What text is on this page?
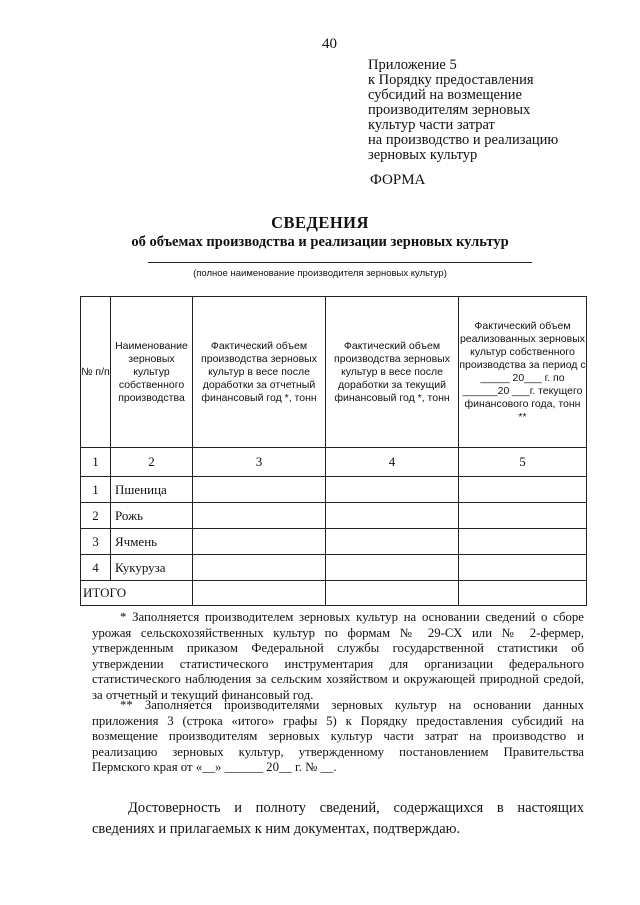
40
Приложение 5
к Порядку предоставления
субсидий на возмещение
производителям зерновых
культур части затрат
на производство и реализацию
зерновых культур
ФОРМА
СВЕДЕНИЯ
об объемах производства и реализации зерновых культур
(полное наименование производителя зерновых культур)
№ п/п	Наименование зерновых культур собственного производства	Фактический объем производства зерновых культур в весе после доработки за отчетный финансовый год *, тонн	Фактический объем производства зерновых культур в весе после доработки за текущий финансовый год *, тонн	Фактический объем реализованных зерновых культур собственного производства за период с _____ 20___ г. по ______20 ___г. текущего финансового года, тонн **
1	2	3	4	5
1	Пшеница			
2	Рожь			
3	Ячмень			
4	Кукуруза			
ИТОГО				
* Заполняется производителем зерновых культур на основании сведений о сборе урожая сельскохозяйственных культур по формам № 29-СХ или № 2-фермер, утвержденным приказом Федеральной службы государственной статистики об утверждении статистического инструментария для организации федерального статистического наблюдения за сельским хозяйством и окружающей природной средой, за отчетный и текущий финансовый год.
** Заполняется производителями зерновых культур на основании данных приложения 3 (строка «итого» графы 5) к Порядку предоставления субсидий на возмещение производителям зерновых культур части затрат на производство и реализацию зерновых культур, утвержденному постановлением Правительства Пермского края от «__» ______ 20__ г. № __.
Достоверность и полноту сведений, содержащихся в настоящих сведениях и прилагаемых к ним документах, подтверждаю.
